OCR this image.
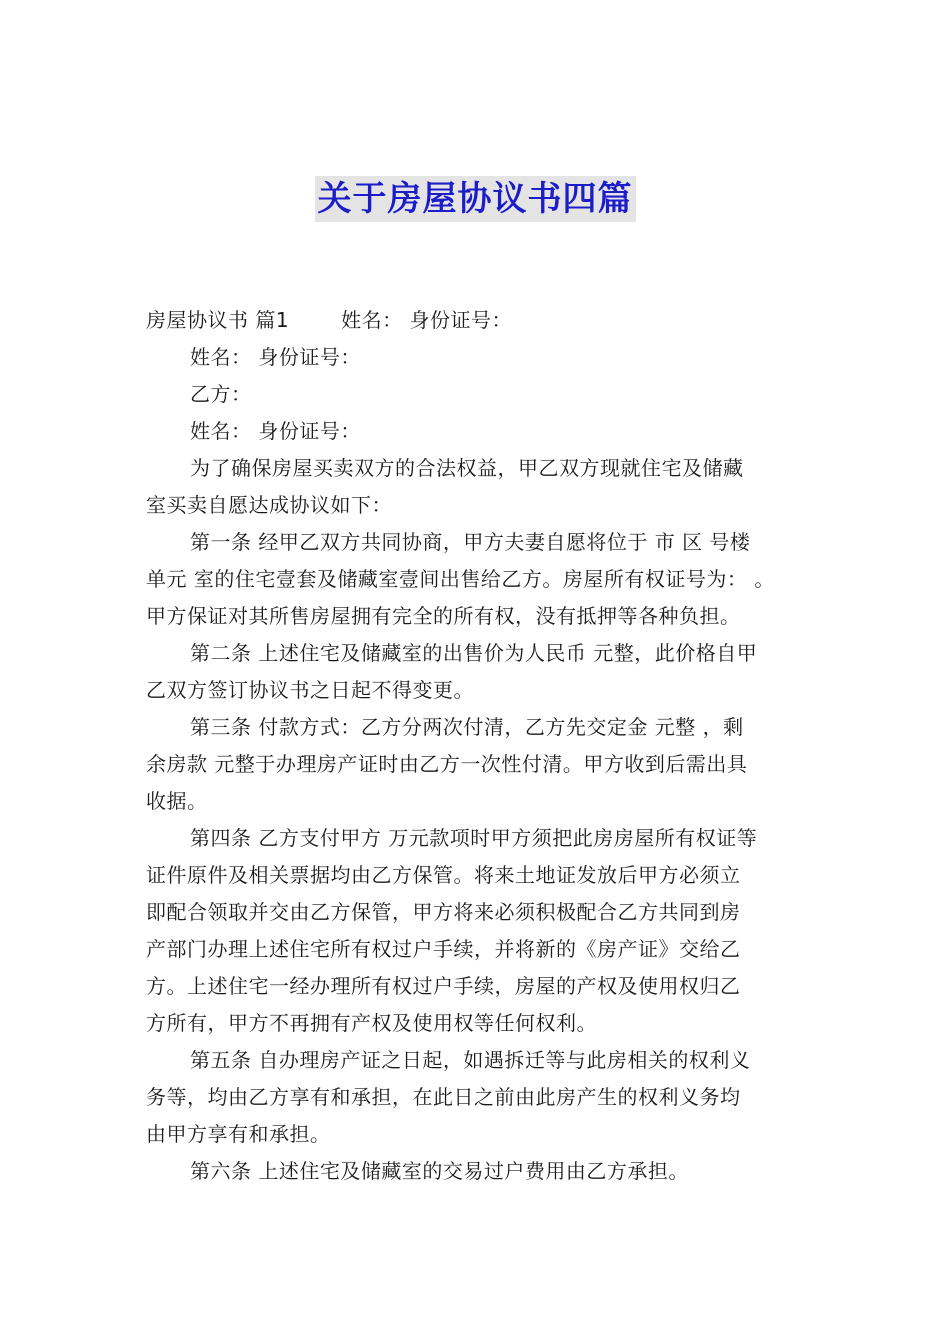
关于房屋协议书四篇

房屋协议书 篇1	姓名： 身份证号：

姓名： 身份证号：

乙方：

姓名： 身份证号：

为了确保房屋买卖双方的合法权益，甲乙双方现就住宅及储藏

室买卖自愿达成协议如下：

第一条 经甲乙双方共同协商，甲方夫妻自愿将位于 市 区 号楼

单元 室的住宅壹套及储藏室壹间出售给乙方。房屋所有权证号为： 。

甲方保证对其所售房屋拥有完全的所有权，没有抵押等各种负担。

第二条 上述住宅及储藏室的出售价为人民币 元整，此价格自甲

乙双方签订协议书之日起不得变更。

第三条 付款方式：乙方分两次付清，乙方先交定金 元整 ，剩

余房款 元整于办理房产证时由乙方一次性付清。甲方收到后需出具

收据。

第四条 乙方支付甲方 万元款项时甲方须把此房房屋所有权证等

证件原件及相关票据均由乙方保管。将来土地证发放后甲方必须立

即配合领取并交由乙方保管，甲方将来必须积极配合乙方共同到房

产部门办理上述住宅所有权过户手续，并将新的《房产证》交给乙

方。上述住宅一经办理所有权过户手续，房屋的产权及使用权归乙

方所有，甲方不再拥有产权及使用权等任何权利。

第五条 自办理房产证之日起，如遇拆迁等与此房相关的权利义

务等，均由乙方享有和承担，在此日之前由此房产生的权利义务均

由甲方享有和承担。

第六条 上述住宅及储藏室的交易过户费用由乙方承担。
